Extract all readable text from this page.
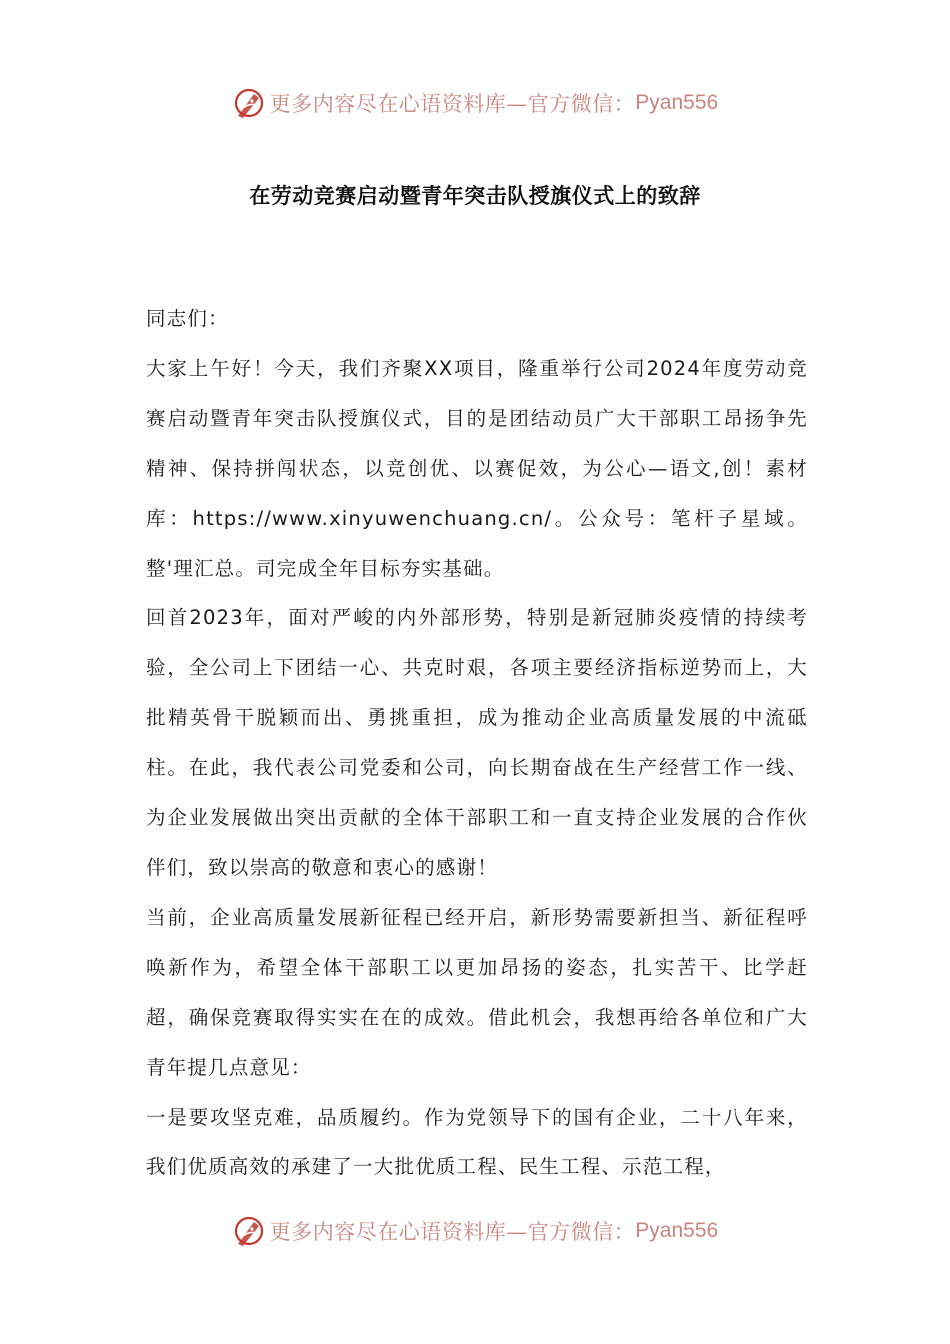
更多内容尽在心语资料库—官方微信： Pyan556
在劳动竞赛启动暨青年突击队授旗仪式上的致辞

同志们：

大家上午好！今天，我们齐聚XX项目，隆重举行公司2024年度劳动竞赛启动暨青年突击队授旗仪式，目的是团结动员广大干部职工昂扬争先精神、保持拼闯状态，以竞创优、以赛促效，为公心—语文,创！素材库：https://www.xinyuwenchuang.cn/。公众号：笔杆子星域。整'理汇总。司完成全年目标夯实基础。

回首2023年，面对严峻的内外部形势，特别是新冠肺炎疫情的持续考验，全公司上下团结一心、共克时艰，各项主要经济指标逆势而上，大批精英骨干脱颖而出、勇挑重担，成为推动企业高质量发展的中流砥柱。在此，我代表公司党委和公司，向长期奋战在生产经营工作一线、为企业发展做出突出贡献的全体干部职工和一直支持企业发展的合作伙伴们，致以崇高的敬意和衷心的感谢！

当前，企业高质量发展新征程已经开启，新形势需要新担当、新征程呼唤新作为，希望全体干部职工以更加昂扬的姿态，扎实苦干、比学赶超，确保竞赛取得实实在在的成效。借此机会，我想再给各单位和广大青年提几点意见：

一是要攻坚克难，品质履约。作为党领导下的国有企业，二十八年来，我们优质高效的承建了一大批优质工程、民生工程、示范工程，

更多内容尽在心语资料库—官方微信： Pyan556
